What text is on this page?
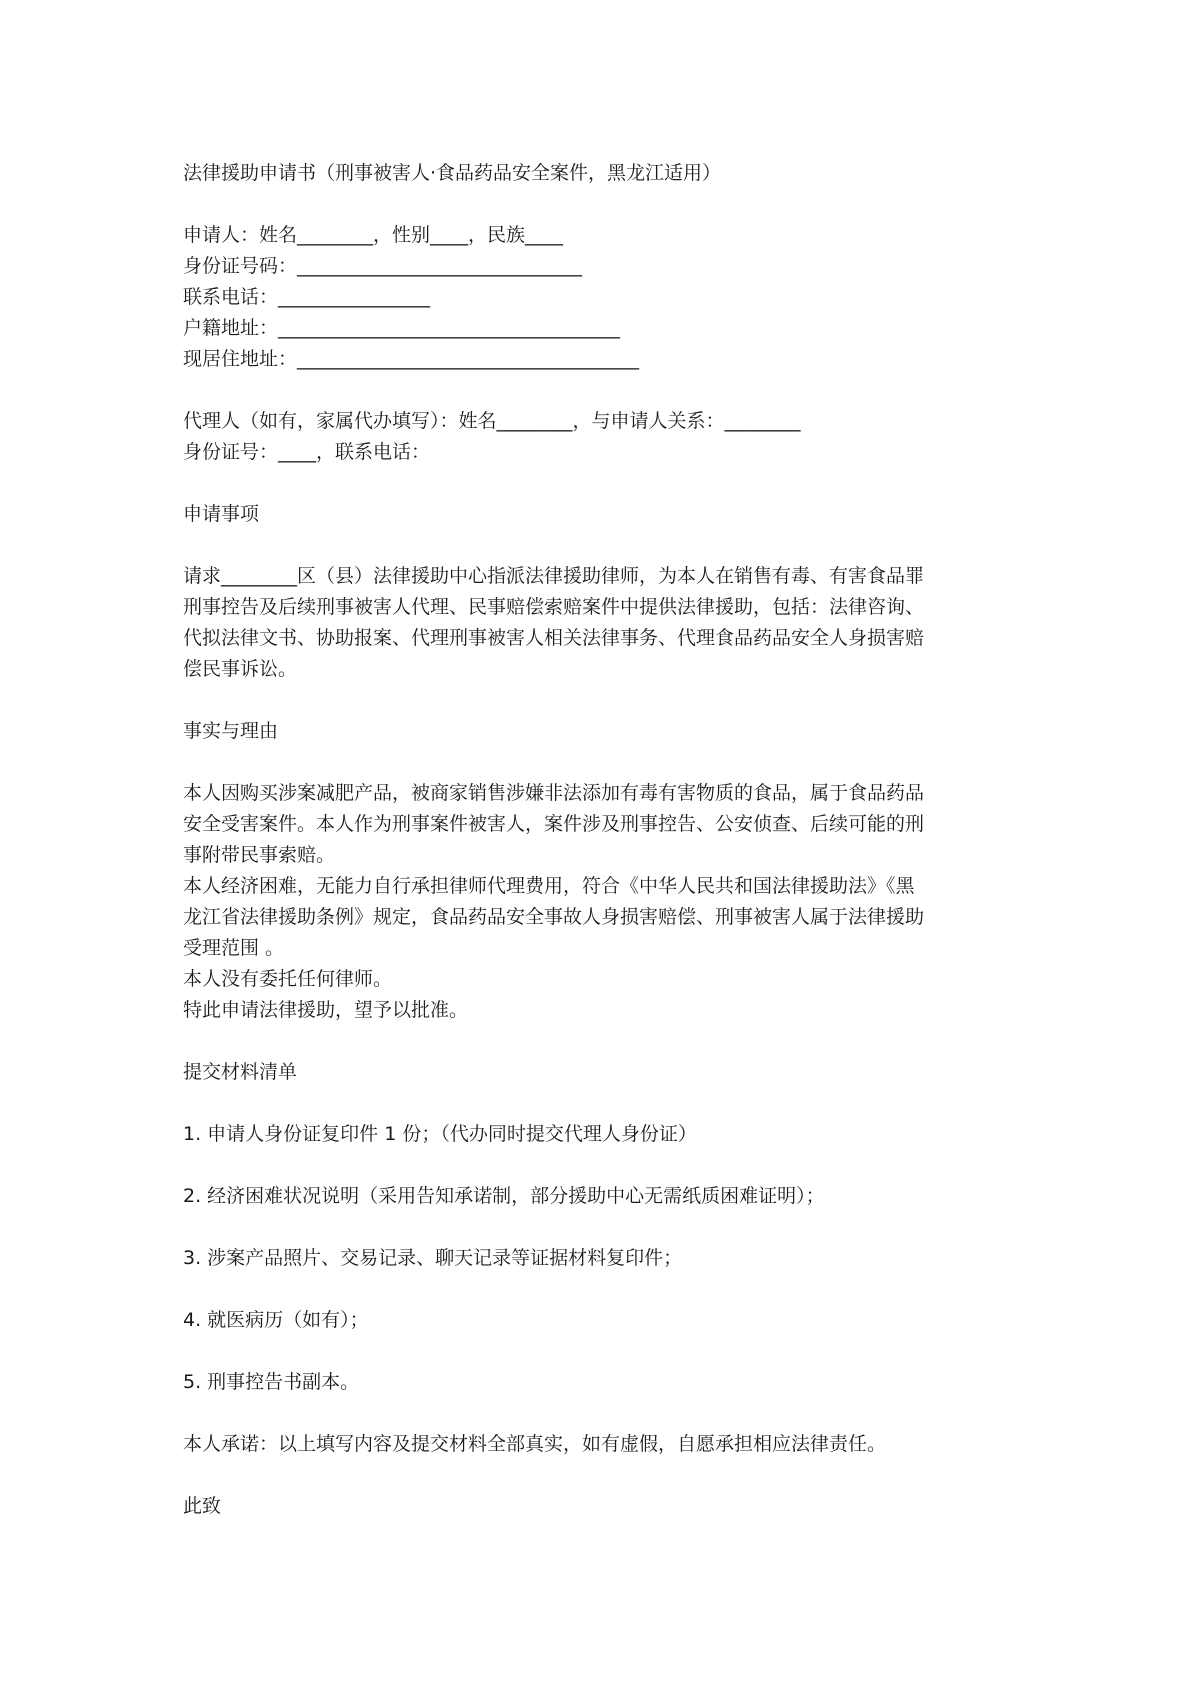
法律援助申请书（刑事被害人·食品药品安全案件，黑龙江适用）

申请人：姓名________，性别____，民族____

身份证号码：______________________________

联系电话：________________

户籍地址：____________________________________

现居住地址：____________________________________

代理人（如有，家属代办填写）：姓名________，与申请人关系：________

身份证号：____，联系电话：

申请事项

请求________区（县）法律援助中心指派法律援助律师，为本人在销售有毒、有害食品罪

刑事控告及后续刑事被害人代理、民事赔偿索赔案件中提供法律援助，包括：法律咨询、

代拟法律文书、协助报案、代理刑事被害人相关法律事务、代理食品药品安全人身损害赔

偿民事诉讼。

事实与理由

本人因购买涉案减肥产品，被商家销售涉嫌非法添加有毒有害物质的食品，属于食品药品

安全受害案件。本人作为刑事案件被害人，案件涉及刑事控告、公安侦查、后续可能的刑

事附带民事索赔。

本人经济困难，无能力自行承担律师代理费用，符合《中华人民共和国法律援助法》《黑

龙江省法律援助条例》规定，食品药品安全事故人身损害赔偿、刑事被害人属于法律援助

受理范围 。

本人没有委托任何律师。

特此申请法律援助，望予以批准。

提交材料清单

1. 申请人身份证复印件 1 份；（代办同时提交代理人身份证）

2. 经济困难状况说明（采用告知承诺制，部分援助中心无需纸质困难证明）；

3. 涉案产品照片、交易记录、聊天记录等证据材料复印件；

4. 就医病历（如有）；

5. 刑事控告书副本。

本人承诺：以上填写内容及提交材料全部真实，如有虚假，自愿承担相应法律责任。

此致
